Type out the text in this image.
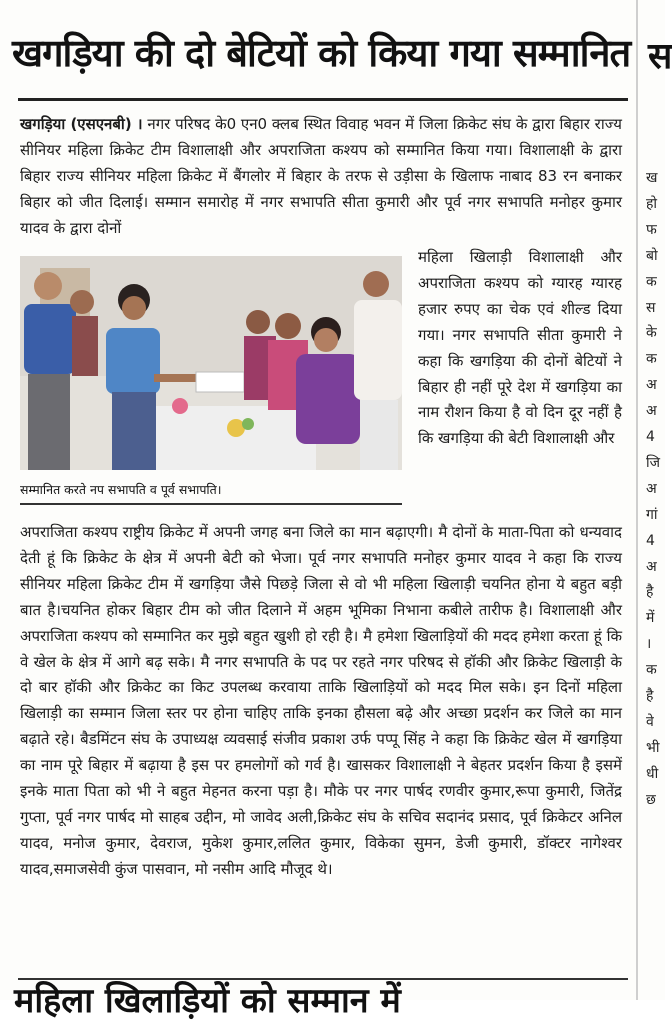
खगड़िया की दो बेटियों को किया गया सम्मानित
खगड़िया (एसएनबी) । नगर परिषद के0 एन0 क्लब स्थित विवाह भवन में जिला क्रिकेट संघ के द्वारा बिहार राज्य सीनियर महिला क्रिकेट टीम विशालाक्षी और अपराजिता कश्यप को सम्मानित किया गया। विशालाक्षी के द्वारा बिहार राज्य सीनियर महिला क्रिकेट में बैंगलोर में बिहार के तरफ से उड़ीसा के खिलाफ नाबाद 83 रन बनाकर बिहार को जीत दिलाई। सम्मान समारोह में नगर सभापति सीता कुमारी और पूर्व नगर सभापति मनोहर कुमार यादव के द्वारा दोनों
सम्मानित करते नप सभापति व पूर्व सभापति।
महिला खिलाड़ी विशालाक्षी और अपराजिता कश्यप को ग्यारह ग्यारह हजार रुपए का चेक एवं शील्ड दिया गया। नगर सभापति सीता कुमारी ने कहा कि खगड़िया की दोनों बेटियों ने बिहार ही नहीं पूरे देश में खगड़िया का नाम रौशन किया है वो दिन दूर नहीं है कि खगड़िया की बेटी विशालाक्षी और
अपराजिता कश्यप राष्ट्रीय क्रिकेट में अपनी जगह बना जिले का मान बढ़ाएगी। मै दोनों के माता-पिता को धन्यवाद देती हूं कि क्रिकेट के क्षेत्र में अपनी बेटी को भेजा। पूर्व नगर सभापति मनोहर कुमार यादव ने कहा कि राज्य सीनियर महिला क्रिकेट टीम में खगड़िया जैसे पिछड़े जिला से वो भी महिला खिलाड़ी चयनित होना ये बहुत बड़ी बात है।चयनित होकर बिहार टीम को जीत दिलाने में अहम भूमिका निभाना कबीले तारीफ है। विशालाक्षी और अपराजिता कश्यप को सम्मानित कर मुझे बहुत खुशी हो रही है। मै हमेशा खिलाड़ियों की मदद हमेशा करता हूं कि वे खेल के क्षेत्र में आगे बढ़ सके। मै नगर सभापति के पद पर रहते नगर परिषद से हॉकी और क्रिकेट खिलाड़ी के दो बार हॉकी और क्रिकेट का किट उपलब्ध करवाया ताकि खिलाड़ियों को मदद मिल सके। इन दिनों महिला खिलाड़ी का सम्मान जिला स्तर पर होना चाहिए ताकि इनका हौसला बढ़े और अच्छा प्रदर्शन कर जिले का मान बढ़ाते रहे। बैडमिंटन संघ के उपाध्यक्ष व्यवसाई संजीव प्रकाश उर्फ पप्पू सिंह ने कहा कि क्रिकेट खेल में खगड़िया का नाम पूरे बिहार में बढ़ाया है इस पर हमलोगों को गर्व है। खासकर विशालाक्षी ने बेहतर प्रदर्शन किया है इसमें इनके माता पिता को भी ने बहुत मेहनत करना पड़ा है। मौके पर नगर पार्षद रणवीर कुमार,रूपा कुमारी, जितेंद्र गुप्ता, पूर्व नगर पार्षद मो साहब उद्दीन, मो जावेद अली,क्रिकेट संघ के सचिव सदानंद प्रसाद, पूर्व क्रिकेटर अनिल यादव, मनोज कुमार, देवराज, मुकेश कुमार,ललित कुमार, विकेका सुमन, डेजी कुमारी, डॉक्टर नागेश्वर यादव,समाजसेवी कुंज पासवान, मो नसीम आदि मौजूद थे।
महिला खिलाड़ियों को सम्मान में
स
ख
हो
फ
बो
क
स
के
क
अ
अ
4
जि
अ
गां
4
अ
है
में
।
क
है
वे
भी
धी
छ
